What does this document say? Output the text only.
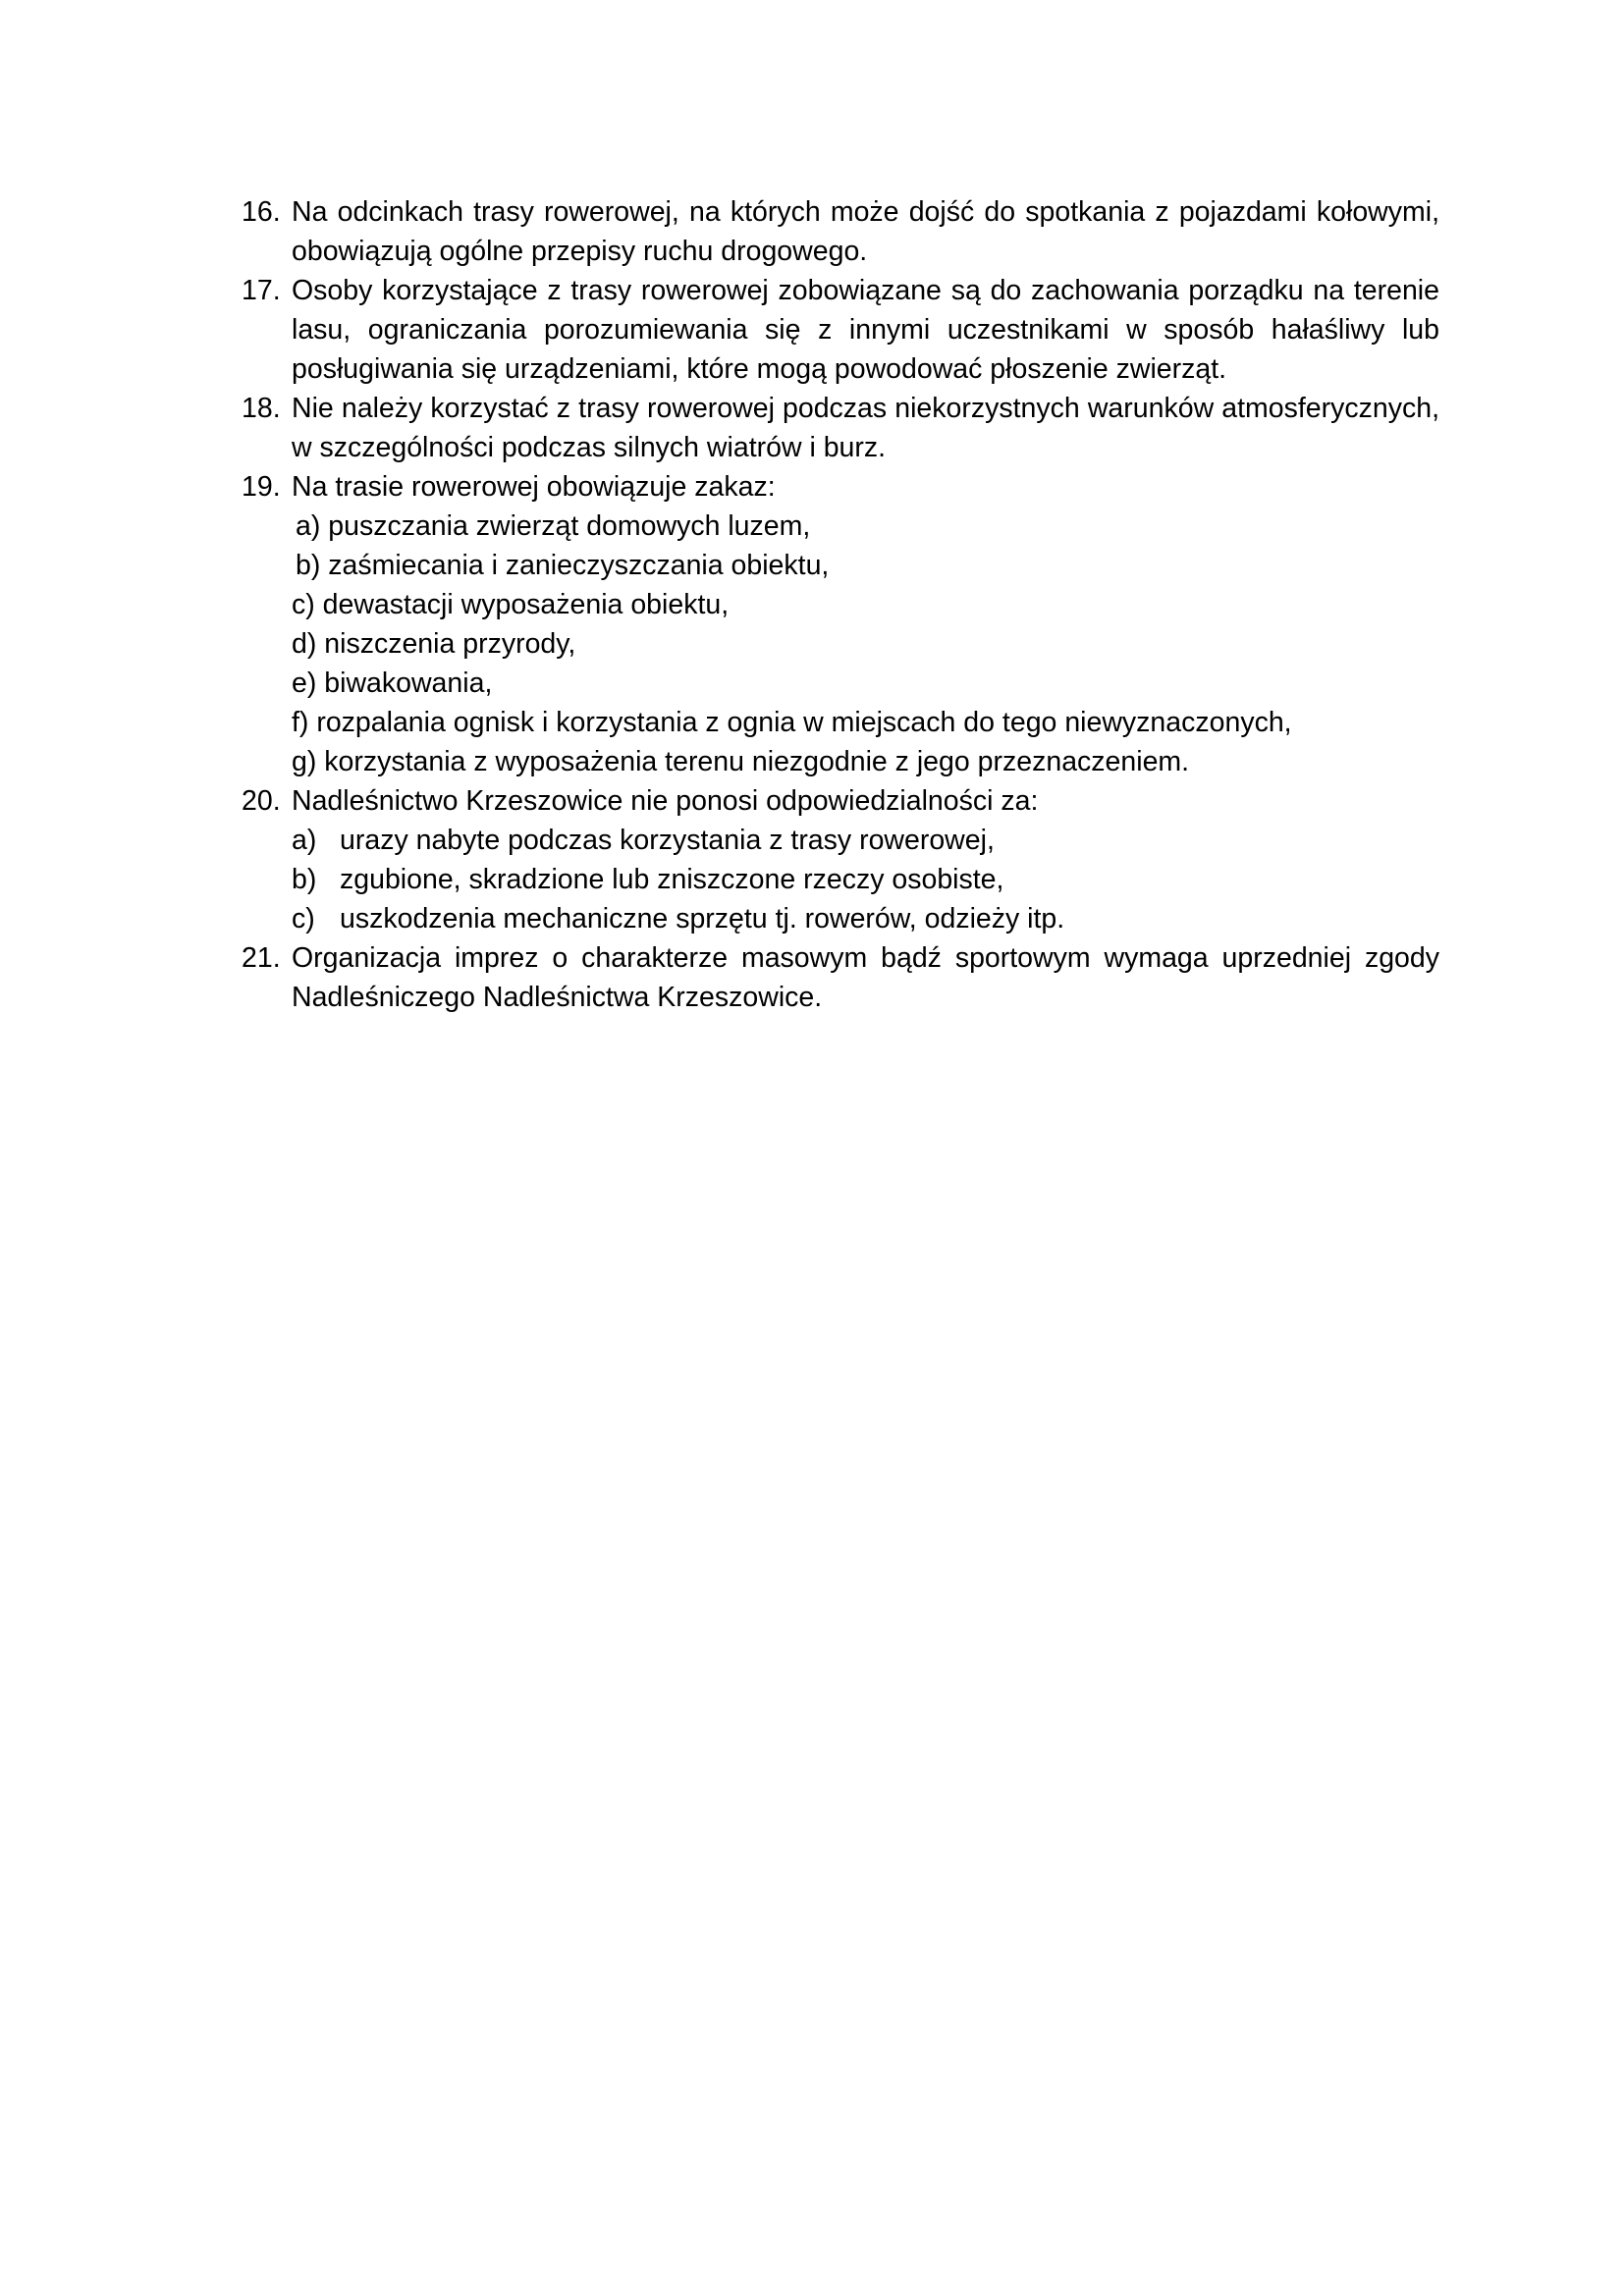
16. Na odcinkach trasy rowerowej, na których może dojść do spotkania z pojazdami kołowymi, obowiązują ogólne przepisy ruchu drogowego.
17. Osoby korzystające z trasy rowerowej zobowiązane są do zachowania porządku na terenie lasu, ograniczania porozumiewania się z innymi uczestnikami w sposób hałaśliwy lub posługiwania się urządzeniami, które mogą powodować płoszenie zwierząt.
18. Nie należy korzystać z trasy rowerowej podczas niekorzystnych warunków atmosferycznych, w szczególności podczas silnych wiatrów i burz.
19. Na trasie rowerowej obowiązuje zakaz:

a) puszczania zwierząt domowych luzem,

b) zaśmiecania i zanieczyszczania obiektu,

c) dewastacji wyposażenia obiektu,

d) niszczenia przyrody,

e) biwakowania,

f) rozpalania ognisk i korzystania z ognia w miejscach do tego niewyznaczonych,

g) korzystania z wyposażenia terenu niezgodnie z jego przeznaczeniem.

20. Nadleśnictwo Krzeszowice nie ponosi odpowiedzialności za:

a) urazy nabyte podczas korzystania z trasy rowerowej,

b) zgubione, skradzione lub zniszczone rzeczy osobiste,

c) uszkodzenia mechaniczne sprzętu tj. rowerów, odzieży itp.

21. Organizacja imprez o charakterze masowym bądź sportowym wymaga uprzedniej zgody Nadleśniczego Nadleśnictwa Krzeszowice.
